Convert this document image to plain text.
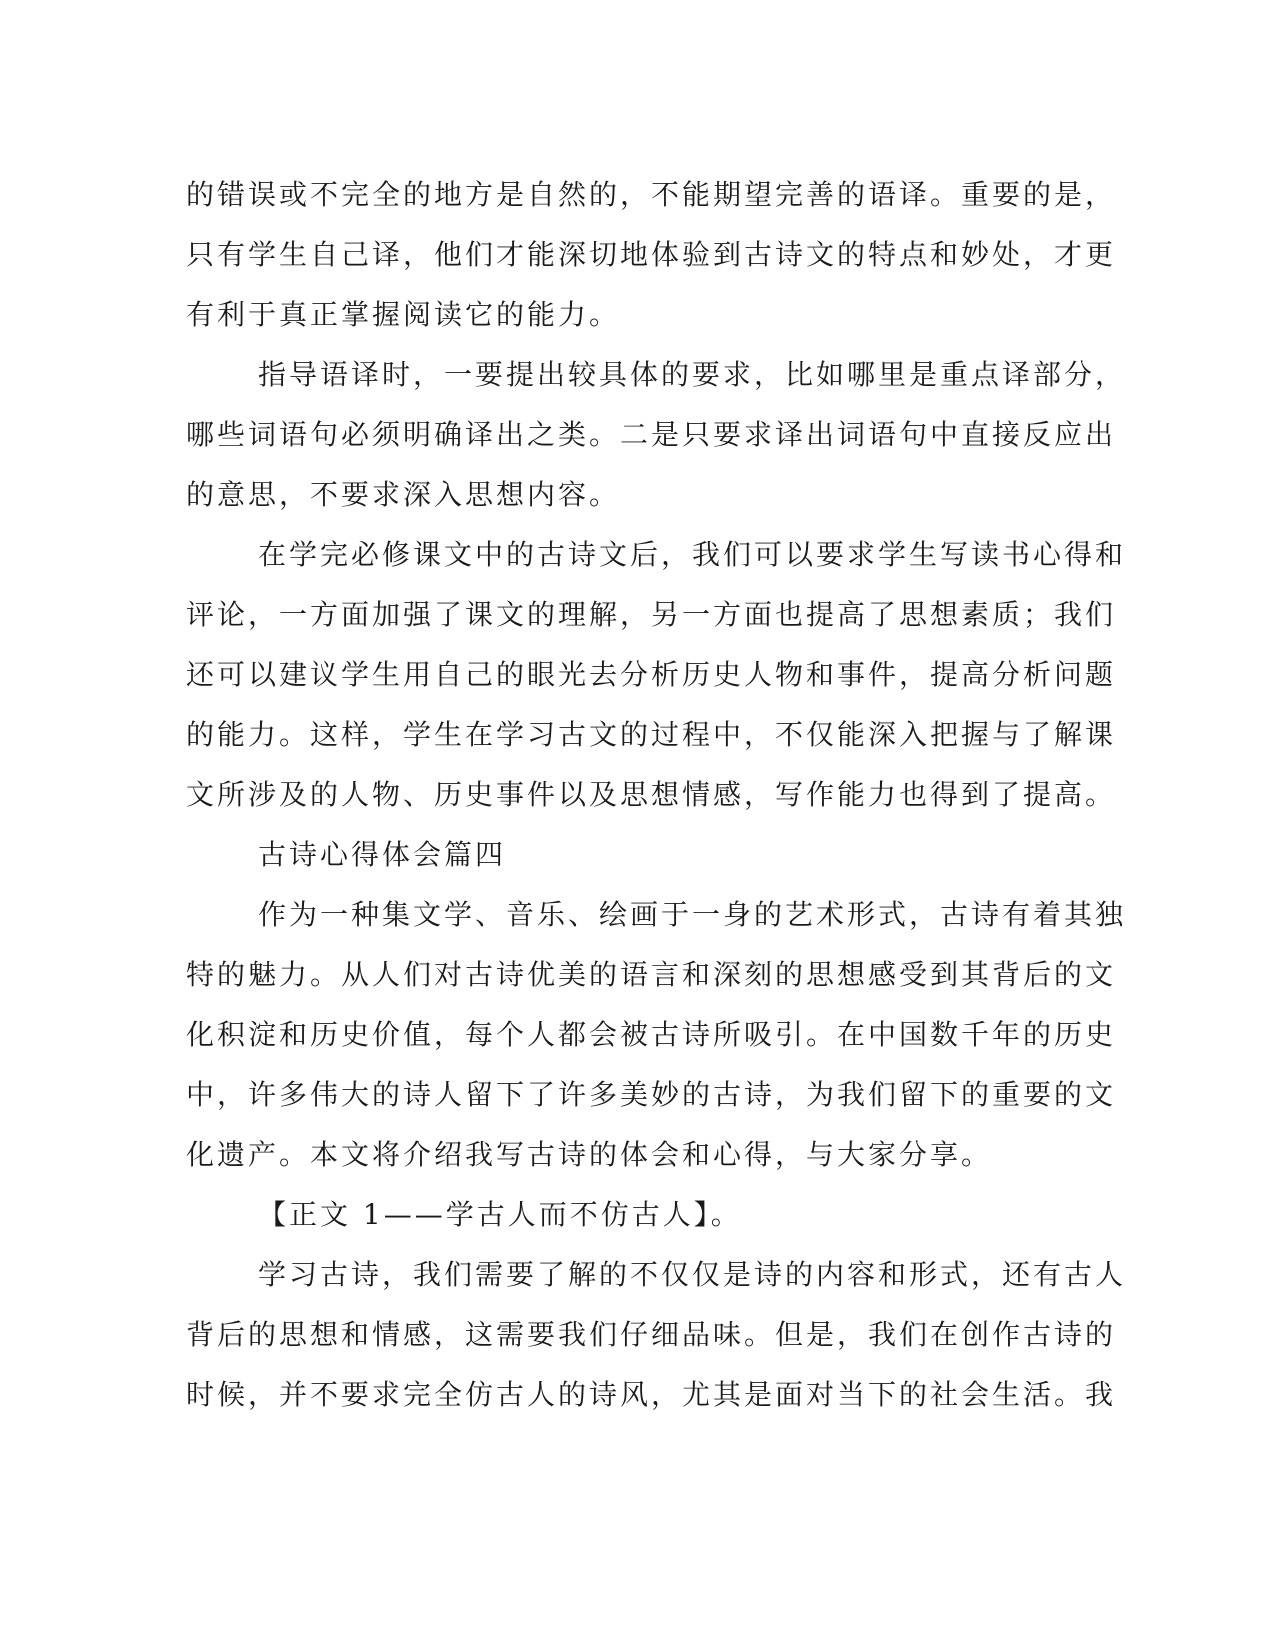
的错误或不完全的地方是自然的，不能期望完善的语译。重要的是，
只有学生自己译，他们才能深切地体验到古诗文的特点和妙处，才更
有利于真正掌握阅读它的能力。
指导语译时，一要提出较具体的要求，比如哪里是重点译部分，
哪些词语句必须明确译出之类。二是只要求译出词语句中直接反应出
的意思，不要求深入思想内容。
在学完必修课文中的古诗文后，我们可以要求学生写读书心得和
评论，一方面加强了课文的理解，另一方面也提高了思想素质；我们
还可以建议学生用自己的眼光去分析历史人物和事件，提高分析问题
的能力。这样，学生在学习古文的过程中，不仅能深入把握与了解课
文所涉及的人物、历史事件以及思想情感，写作能力也得到了提高。
古诗心得体会篇四
作为一种集文学、音乐、绘画于一身的艺术形式，古诗有着其独
特的魅力。从人们对古诗优美的语言和深刻的思想感受到其背后的文
化积淀和历史价值，每个人都会被古诗所吸引。在中国数千年的历史
中，许多伟大的诗人留下了许多美妙的古诗，为我们留下的重要的文
化遗产。本文将介绍我写古诗的体会和心得，与大家分享。
【正文 1——学古人而不仿古人】。
学习古诗，我们需要了解的不仅仅是诗的内容和形式，还有古人
背后的思想和情感，这需要我们仔细品味。但是，我们在创作古诗的
时候，并不要求完全仿古人的诗风，尤其是面对当下的社会生活。我
